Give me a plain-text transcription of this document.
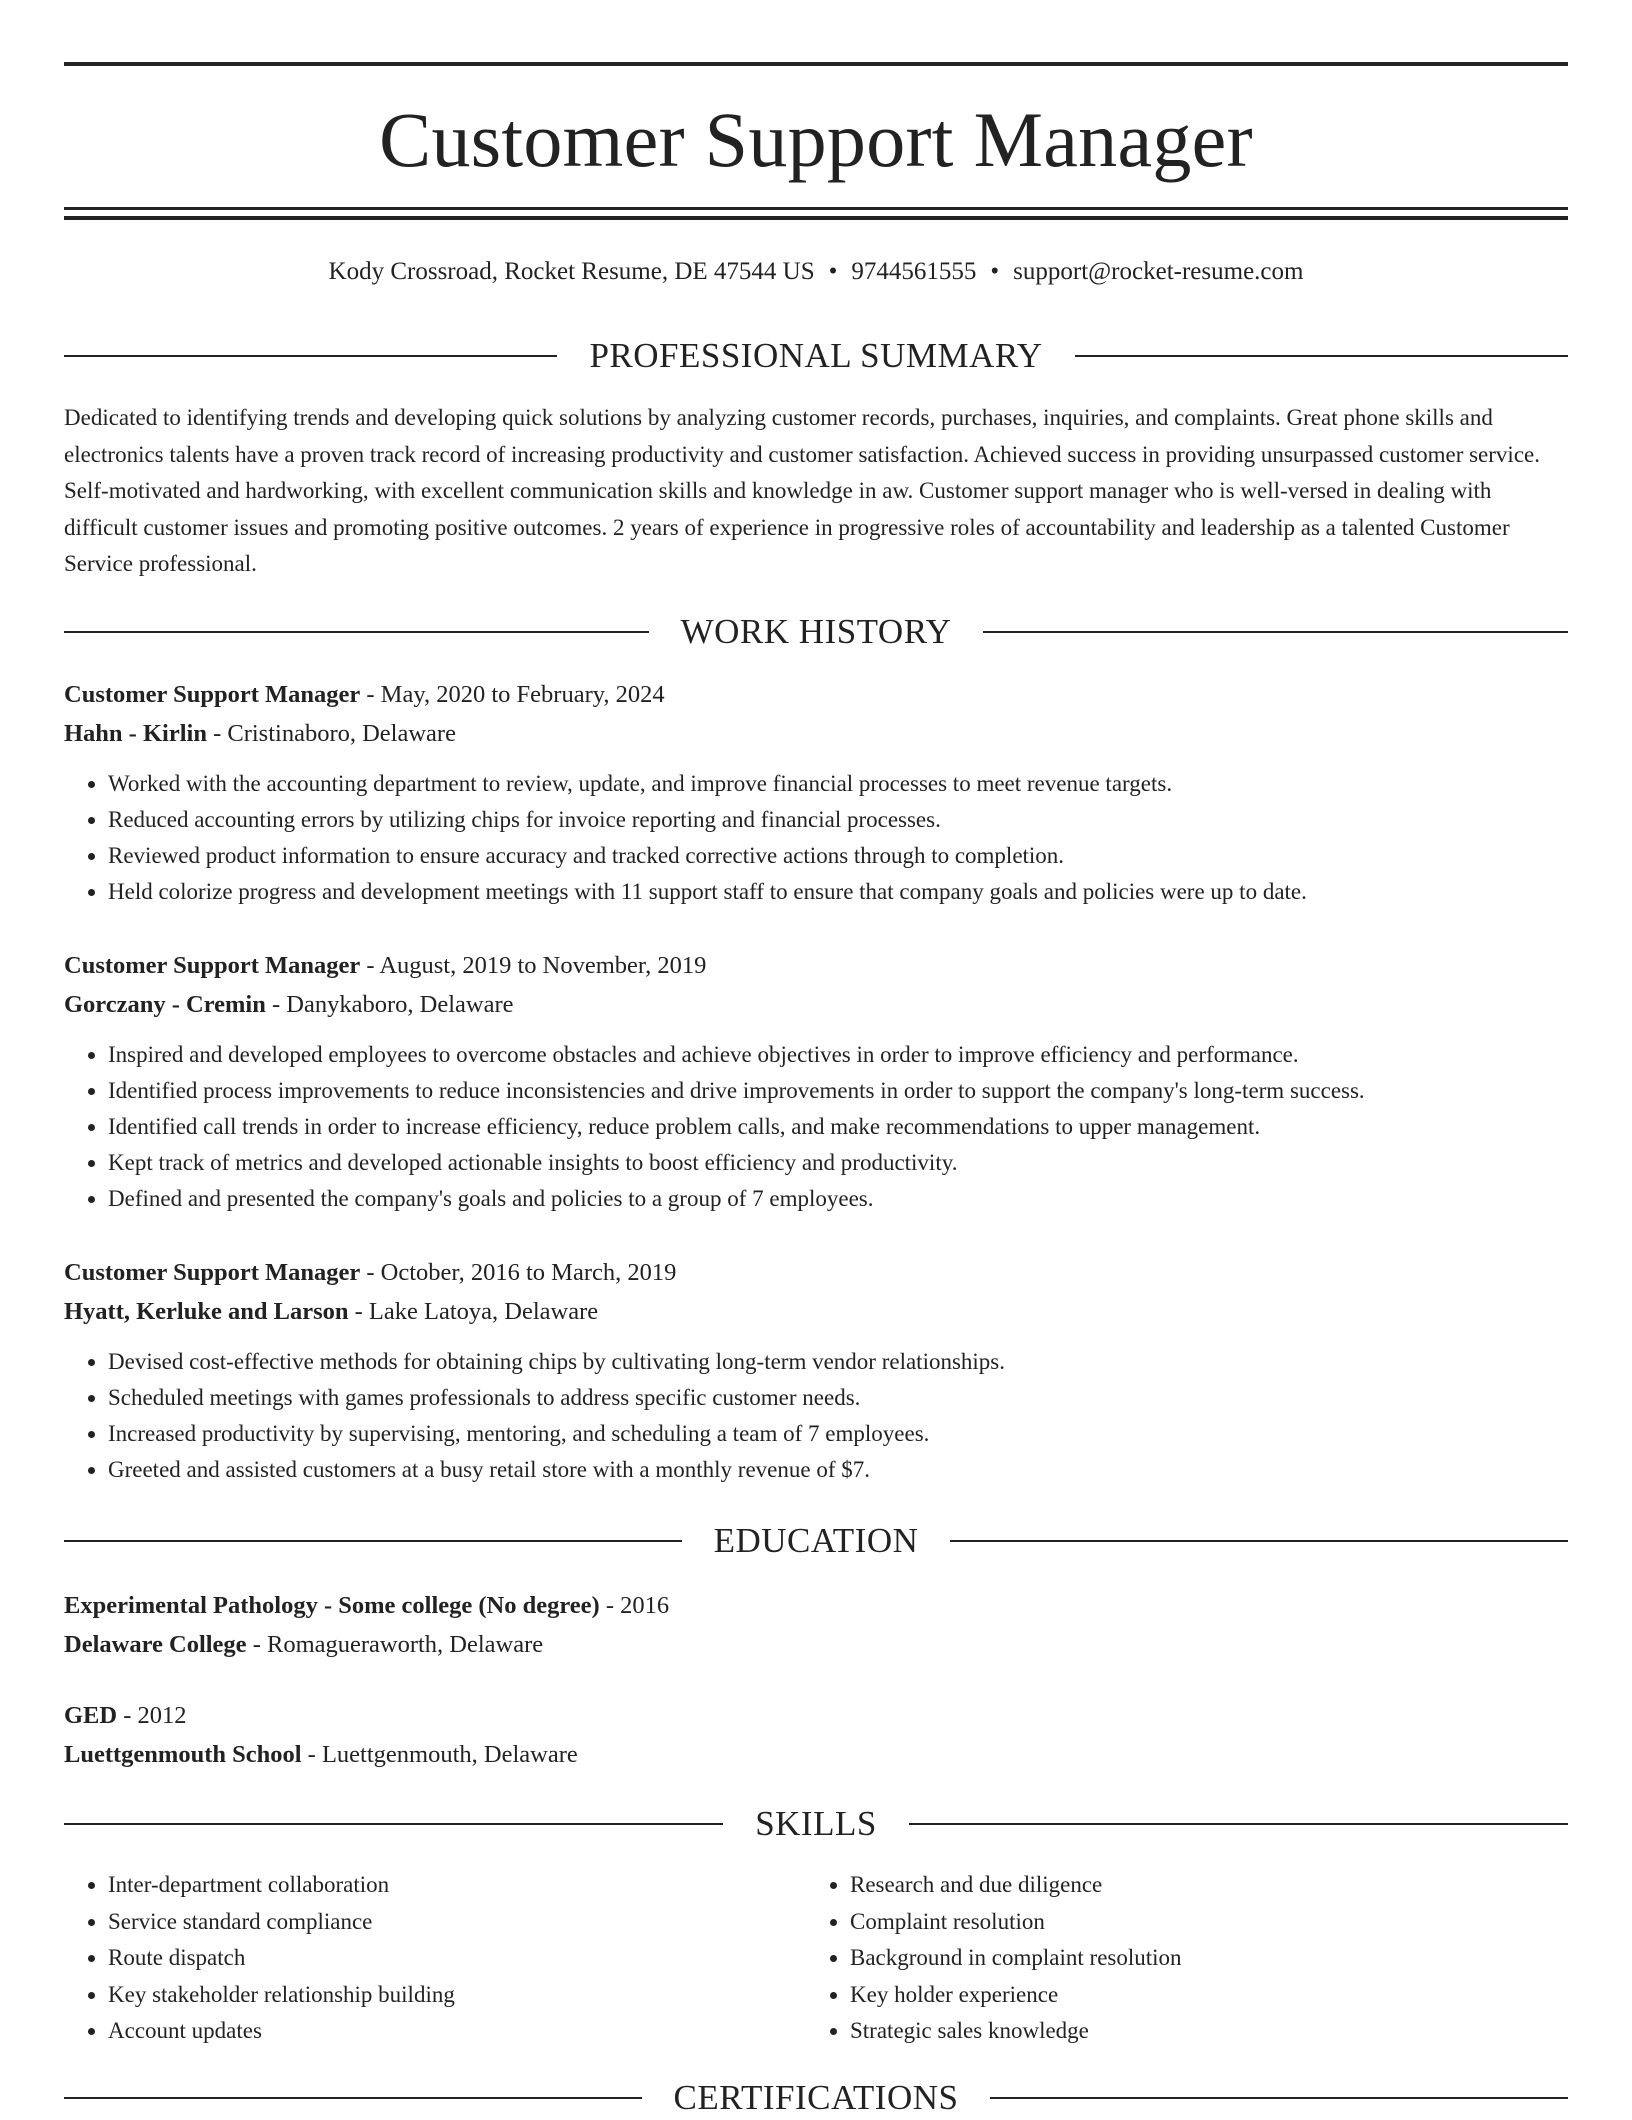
Customer Support Manager
Kody Crossroad, Rocket Resume, DE 47544 US • 9744561555 • support@rocket-resume.com
PROFESSIONAL SUMMARY

Dedicated to identifying trends and developing quick solutions by analyzing customer records, purchases, inquiries, and complaints. Great phone skills and electronics talents have a proven track record of increasing productivity and customer satisfaction. Achieved success in providing unsurpassed customer service. Self-motivated and hardworking, with excellent communication skills and knowledge in aw. Customer support manager who is well-versed in dealing with difficult customer issues and promoting positive outcomes. 2 years of experience in progressive roles of accountability and leadership as a talented Customer Service professional.

WORK HISTORY
Customer Support Manager - May, 2020 to February, 2024
Hahn - Kirlin - Cristinaboro, Delaware
• Worked with the accounting department to review, update, and improve financial processes to meet revenue targets.
• Reduced accounting errors by utilizing chips for invoice reporting and financial processes.
• Reviewed product information to ensure accuracy and tracked corrective actions through to completion.
• Held colorize progress and development meetings with 11 support staff to ensure that company goals and policies were up to date.
Customer Support Manager - August, 2019 to November, 2019
Gorczany - Cremin - Danykaboro, Delaware
• Inspired and developed employees to overcome obstacles and achieve objectives in order to improve efficiency and performance.
• Identified process improvements to reduce inconsistencies and drive improvements in order to support the company's long-term success.
• Identified call trends in order to increase efficiency, reduce problem calls, and make recommendations to upper management.
• Kept track of metrics and developed actionable insights to boost efficiency and productivity.
• Defined and presented the company's goals and policies to a group of 7 employees.
Customer Support Manager - October, 2016 to March, 2019
Hyatt, Kerluke and Larson - Lake Latoya, Delaware
• Devised cost-effective methods for obtaining chips by cultivating long-term vendor relationships.
• Scheduled meetings with games professionals to address specific customer needs.
• Increased productivity by supervising, mentoring, and scheduling a team of 7 employees.
• Greeted and assisted customers at a busy retail store with a monthly revenue of $7.
EDUCATION
Experimental Pathology - Some college (No degree) - 2016
Delaware College - Romagueraworth, Delaware
GED - 2012
Luettgenmouth School - Luettgenmouth, Delaware
SKILLS
• Inter-department collaboration
• Service standard compliance
• Route dispatch
• Key stakeholder relationship building
• Account updates
• Research and due diligence
• Complaint resolution
• Background in complaint resolution
• Key holder experience
• Strategic sales knowledge
CERTIFICATIONS
